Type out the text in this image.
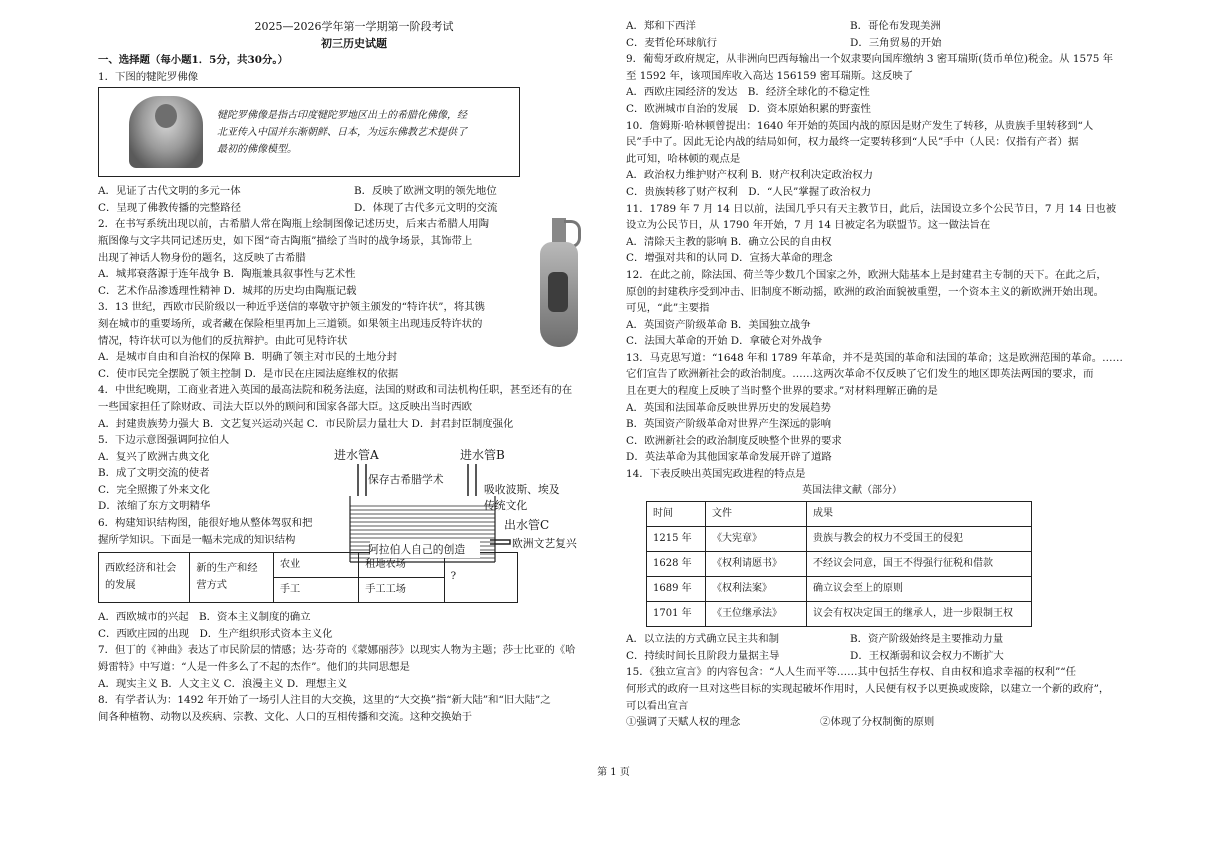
2025—2026学年第一学期第一阶段考试
初三历史试题
一、选择题（每小题1．5分，共30分。）
1．下图的犍陀罗佛像
犍陀罗佛像是指古印度犍陀罗地区出土的希腊化佛像，经
北亚传入中国并东渐朝鲜、日本，为远东佛教艺术提供了
最初的佛像模型。
A．见证了古代文明的多元一体	B．反映了欧洲文明的领先地位
C．呈现了佛教传播的完整路径	D．体现了古代多元文明的交流
2．在书写系统出现以前，古希腊人常在陶瓶上绘制图像记述历史，后来古希腊人用陶
瓶图像与文字共同记述历史，如下图“奇古陶瓶”描绘了当时的战争场景，其饰带上
出现了神话人物身份的题名，这反映了古希腊
A．城邦衰落源于连年战争 B．陶瓶兼具叙事性与艺术性
C．艺术作品渗透理性精神 D．城邦的历史均由陶瓶记载
3．13 世纪，西欧市民阶级以一种近乎送信的辜敬守护领主颁发的“特许状”，将其镌
刻在城市的重要场所，或者藏在保险柜里再加上三道锁。如果领主出现违反特许状的
情况，特许状可以为他们的反抗辩护。由此可见特许状
A．是城市自由和自治权的保障 B．明确了领主对市民的土地分封
C．使市民完全摆脱了领主控制 D．是市民在庄园法庭维权的依据
4．中世纪晚期，工商业者进入英国的最高法院和税务法庭，法国的财政和司法机构任职，甚至还有的在
一些国家担任了除财政、司法大臣以外的顾问和国家各部大臣。这反映出当时西欧
A．封建贵族势力强大 B．文艺复兴运动兴起 C．市民阶层力量壮大 D．封君封臣制度强化
5．下边示意图强调阿拉伯人
A．复兴了欧洲古典文化
B．成了文明交流的使者
C．完全照搬了外来文化
D．浓缩了东方文明精华
6．构建知识结构图，能很好地从整体驾驭和把
握所学知识。下面是一幅未完成的知识结构
西欧经济和社会的发展	新的生产和经营方式	农业	租地农场	?
		手工	手工工场	
A．西欧城市的兴起　B．资本主义制度的确立
C．西欧庄园的出现　D．生产组织形式资本主义化
7．但丁的《神曲》表达了市民阶层的情感；达·芬奇的《蒙娜丽莎》以现实人物为主题；莎士比亚的《哈
姆雷特》中写道：“人是一件多么了不起的杰作”。他们的共同思想是
A．现实主义 B．人文主义 C．浪漫主义 D．理想主义
8．有学者认为：1492 年开始了一场引人注目的大交换，这里的“大交换”指“新大陆”和“旧大陆”之
间各种植物、动物以及疾病、宗教、文化、人口的互相传播和交流。这种交换始于
进水管A	进水管B
保存古希腊学术
吸收波斯、埃及
传统文化
出水管C
阿拉伯人自己的创造	欧洲文艺复兴
A．郑和下西洋	B．哥伦布发现美洲
C．麦哲伦环球航行	D．三角贸易的开始
9．葡萄牙政府规定，从非洲向巴西每输出一个奴隶要向国库缴纳 3 密耳瑞斯(货币单位)税金。从 1575 年
至 1592 年，该项国库收入高达 156159 密耳瑞斯。这反映了
A．西欧庄园经济的发达　B．经济全球化的不稳定性
C．欧洲城市自治的发展　D．资本原始积累的野蛮性
10．詹姆斯·哈林顿曾提出：1640 年开始的英国内战的原因是财产发生了转移，从贵族手里转移到“人
民”手中了。因此无论内战的结局如何，权力最终一定要转移到“人民”手中（人民：仅指有产者）据
此可知，哈林顿的观点是
A．政治权力维护财产权利 B．财产权利决定政治权力
C．贵族转移了财产权利　D．“人民”掌握了政治权力
11．1789 年 7 月 14 日以前，法国几乎只有天主教节日，此后，法国设立多个公民节日，7 月 14 日也被
设立为公民节日，从 1790 年开始，7 月 14 日被定名为联盟节。这一做法旨在
A．清除天主教的影响 B．确立公民的自由权
C．增强对共和的认同 D．宣扬大革命的理念
12．在此之前，除法国、荷兰等少数几个国家之外，欧洲大陆基本上是封建君主专制的天下。在此之后，
原创的封建秩序受到冲击、旧制度不断动摇，欧洲的政治面貌被重塑，一个资本主义的新欧洲开始出现。
可见，“此”主要指
A．英国资产阶级革命 B．美国独立战争
C．法国大革命的开始 D．拿破仑对外战争
13．马克思写道：“1648 年和 1789 年革命，并不是英国的革命和法国的革命；这是欧洲范围的革命。……
它们宣告了欧洲新社会的政治制度。……这两次革命不仅反映了它们发生的地区即英法两国的要求，而
且在更大的程度上反映了当时整个世界的要求。”对材料理解正确的是
A．英国和法国革命反映世界历史的发展趋势
B．英国资产阶级革命对世界产生深远的影响
C．欧洲新社会的政治制度反映整个世界的要求
D．英法革命为其他国家革命发展开辟了道路
14．下表反映出英国宪政进程的特点是
英国法律文献（部分）
时间	文件	成果
1215 年	《大宪章》	贵族与教会的权力不受国王的侵犯
1628 年	《权利请愿书》	不经议会同意，国王不得强行征税和借款
1689 年	《权利法案》	确立议会至上的原则
1701 年	《王位继承法》	议会有权决定国王的继承人，进一步限制王权
A．以立法的方式确立民主共和制	B．资产阶级始终是主要推动力量
C．持续时间长且阶段力量据主导	D．王权渐弱和议会权力不断扩大
15．《独立宣言》的内容包含：“人人生而平等……其中包括生存权、自由权和追求幸福的权利”“任
何形式的政府一旦对这些目标的实现起破坏作用时，人民便有权予以更换或废除，以建立一个新的政府”，
可以看出宣言
①强调了天赋人权的理念	②体现了分权制衡的原则
第 1 页
